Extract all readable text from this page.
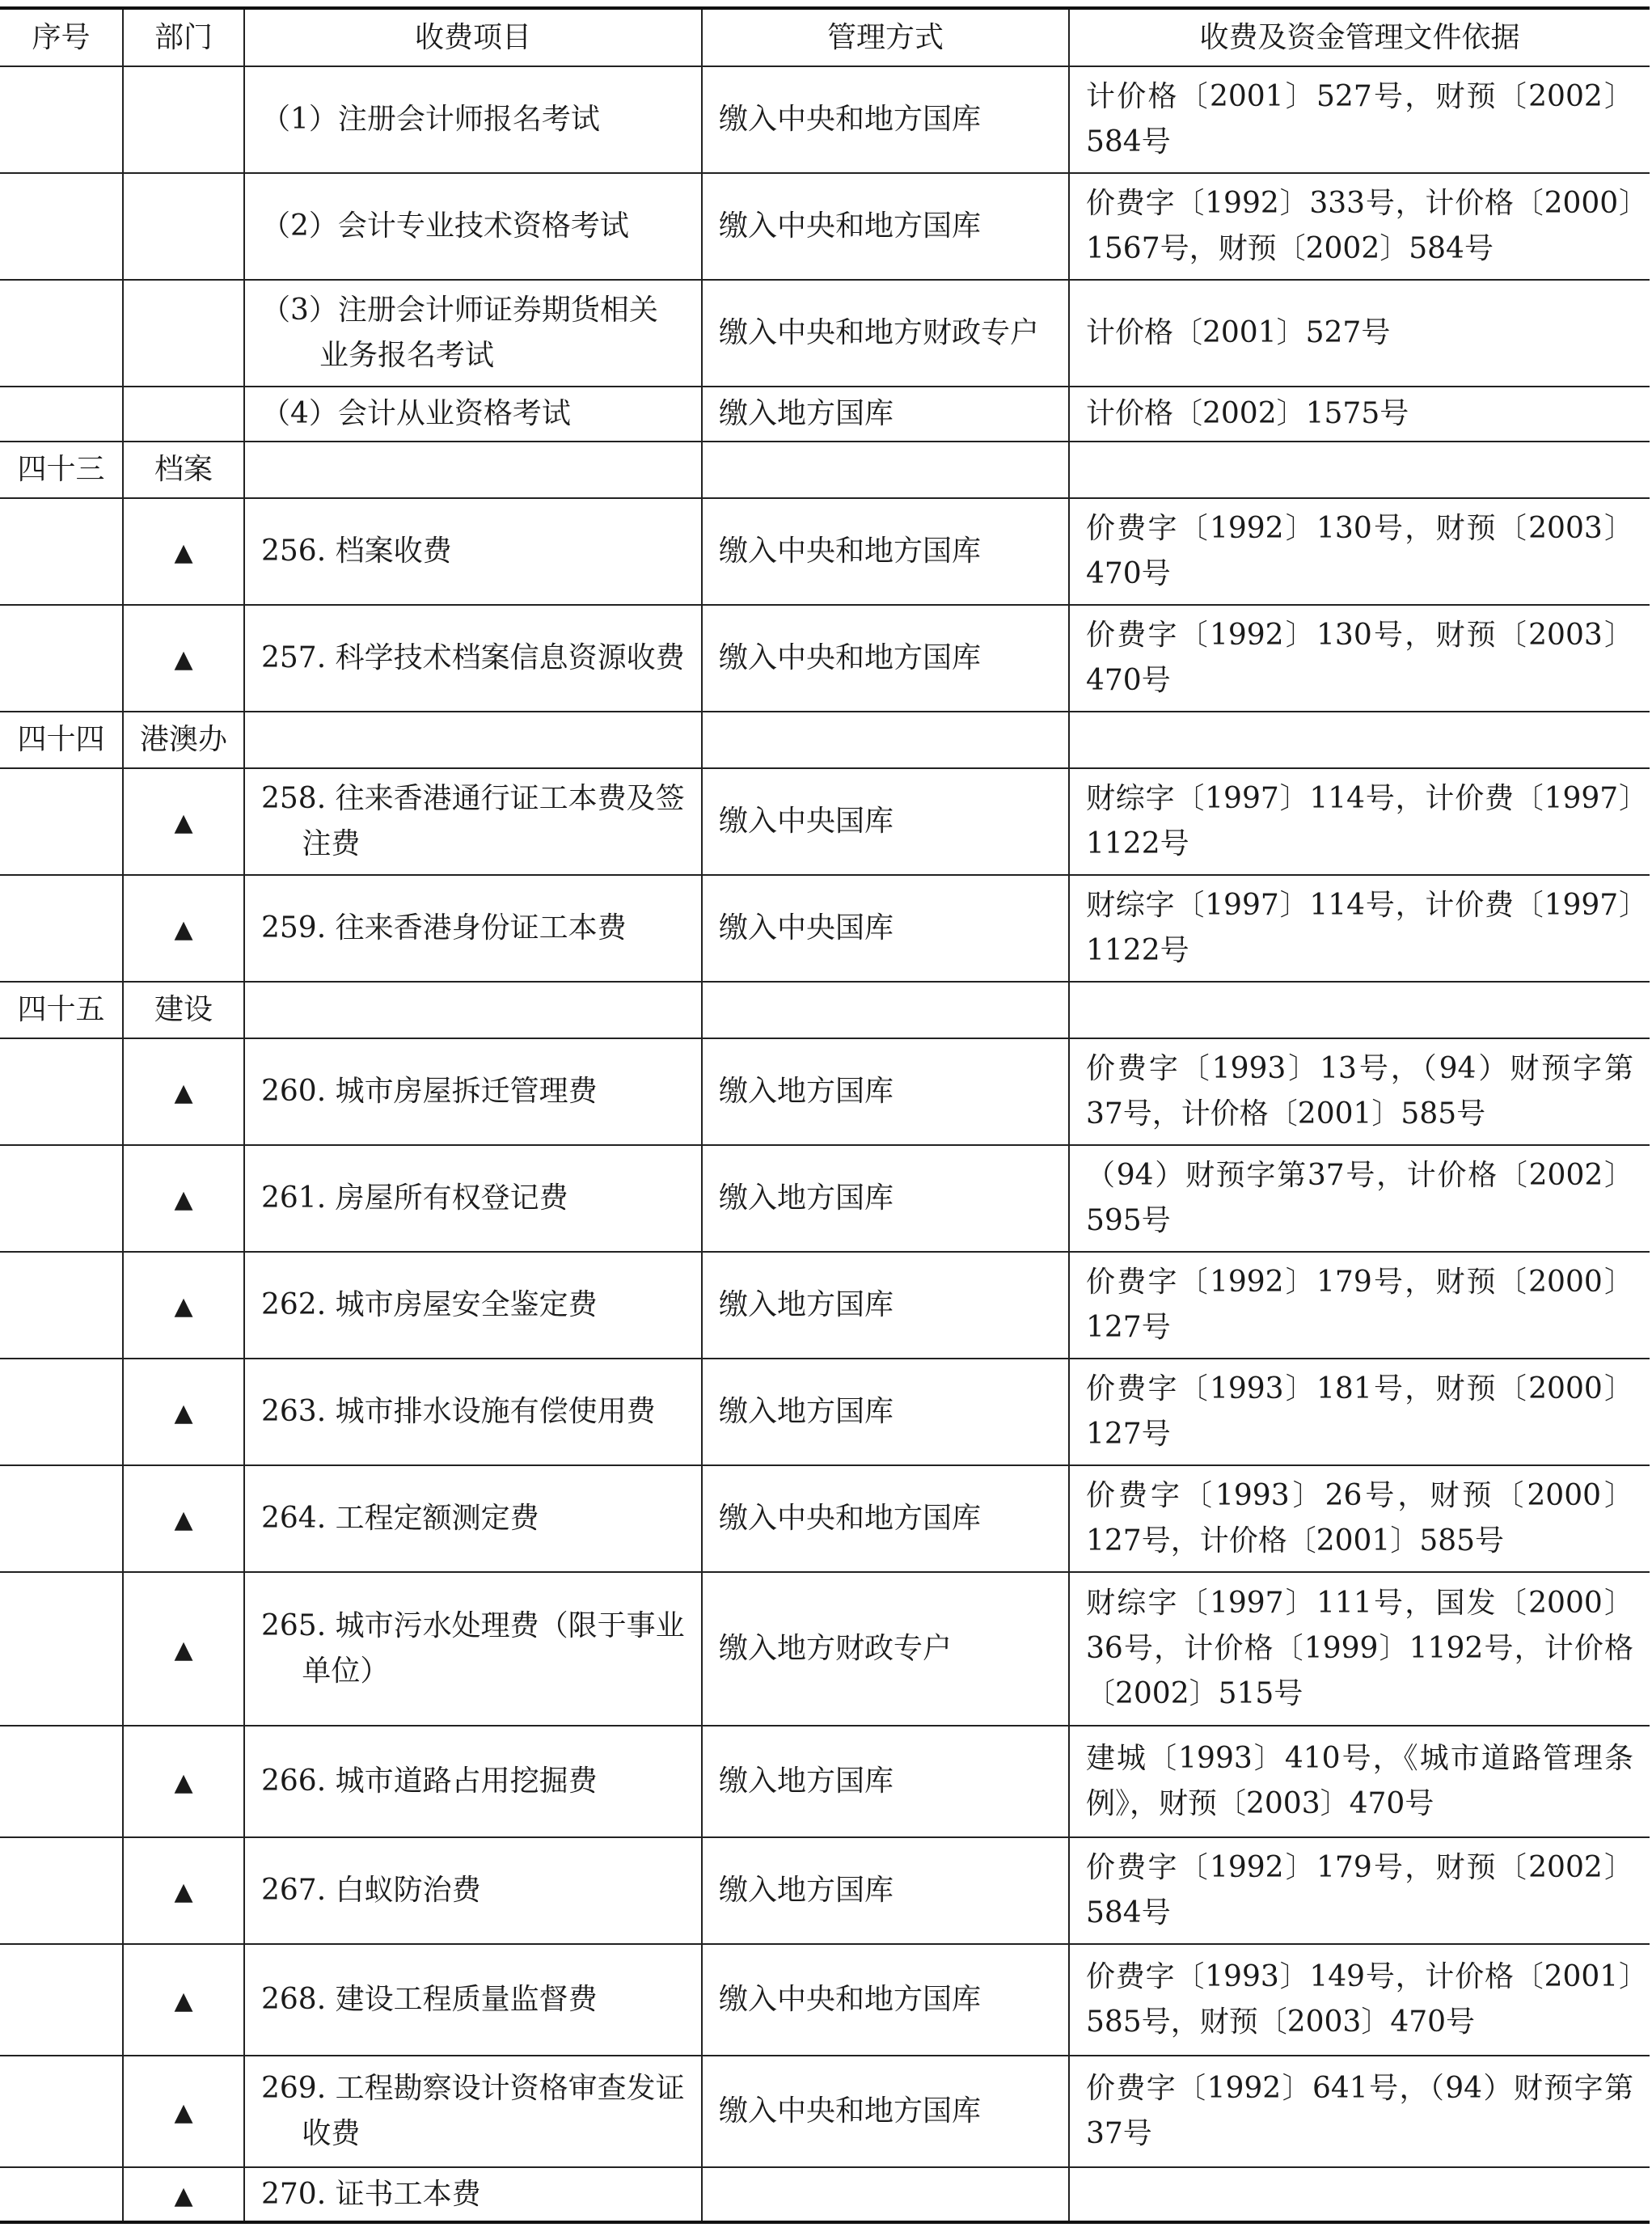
序号	部门	收费项目	管理方式	收费及资金管理文件依据
		（1）注册会计师报名考试	缴入中央和地方国库	计价格〔2001〕527号，财预〔2002〕584号
		（2）会计专业技术资格考试	缴入中央和地方国库	价费字〔1992〕333号，计价格〔2000〕1567号，财预〔2002〕584号

		（3）注册会计师证券期货相关业务报名考试	缴入中央和地方财政专户	计价格〔2001〕527号
		（4）会计从业资格考试	缴入地方国库	计价格〔2002〕1575号
四十三	档案			
	▲	256. 档案收费	缴入中央和地方国库	价费字〔1992〕130号，财预〔2003〕470号
	▲	257. 科学技术档案信息资源收费	缴入中央和地方国库	价费字〔1992〕130号，财预〔2003〕470号
四十四	港澳办			
	▲	258. 往来香港通行证工本费及签注费	缴入中央国库	财综字〔1997〕114号，计价费〔1997〕1122号
	▲	259. 往来香港身份证工本费	缴入中央国库	财综字〔1997〕114号，计价费〔1997〕1122号
四十五	建设			
	▲	260. 城市房屋拆迁管理费	缴入地方国库	价费字〔1993〕13号，（94）财预字第37号，计价格〔2001〕585号
	▲	261. 房屋所有权登记费	缴入地方国库	（94）财预字第37号，计价格〔2002〕595号
	▲	262. 城市房屋安全鉴定费	缴入地方国库	价费字〔1992〕179号，财预〔2000〕127号
	▲	263. 城市排水设施有偿使用费	缴入地方国库	价费字〔1993〕181号，财预〔2000〕127号
	▲	264. 工程定额测定费	缴入中央和地方国库	价费字〔1993〕26号，财预〔2000〕127号，计价格〔2001〕585号
	▲	265. 城市污水处理费（限于事业单位）	缴入地方财政专户	财综字〔1997〕111号，国发〔2000〕36号，计价格〔1999〕1192号，计价格〔2002〕515号
	▲	266. 城市道路占用挖掘费	缴入地方国库	建城〔1993〕410号，《城市道路管理条例》，财预〔2003〕470号
	▲	267. 白蚁防治费	缴入地方国库	价费字〔1992〕179号，财预〔2002〕584号
	▲	268. 建设工程质量监督费	缴入中央和地方国库	价费字〔1993〕149号，计价格〔2001〕585号，财预〔2003〕470号
	▲	269. 工程勘察设计资格审查发证收费	缴入中央和地方国库	价费字〔1992〕641号，（94）财预字第37号
	▲	270. 证书工本费		
